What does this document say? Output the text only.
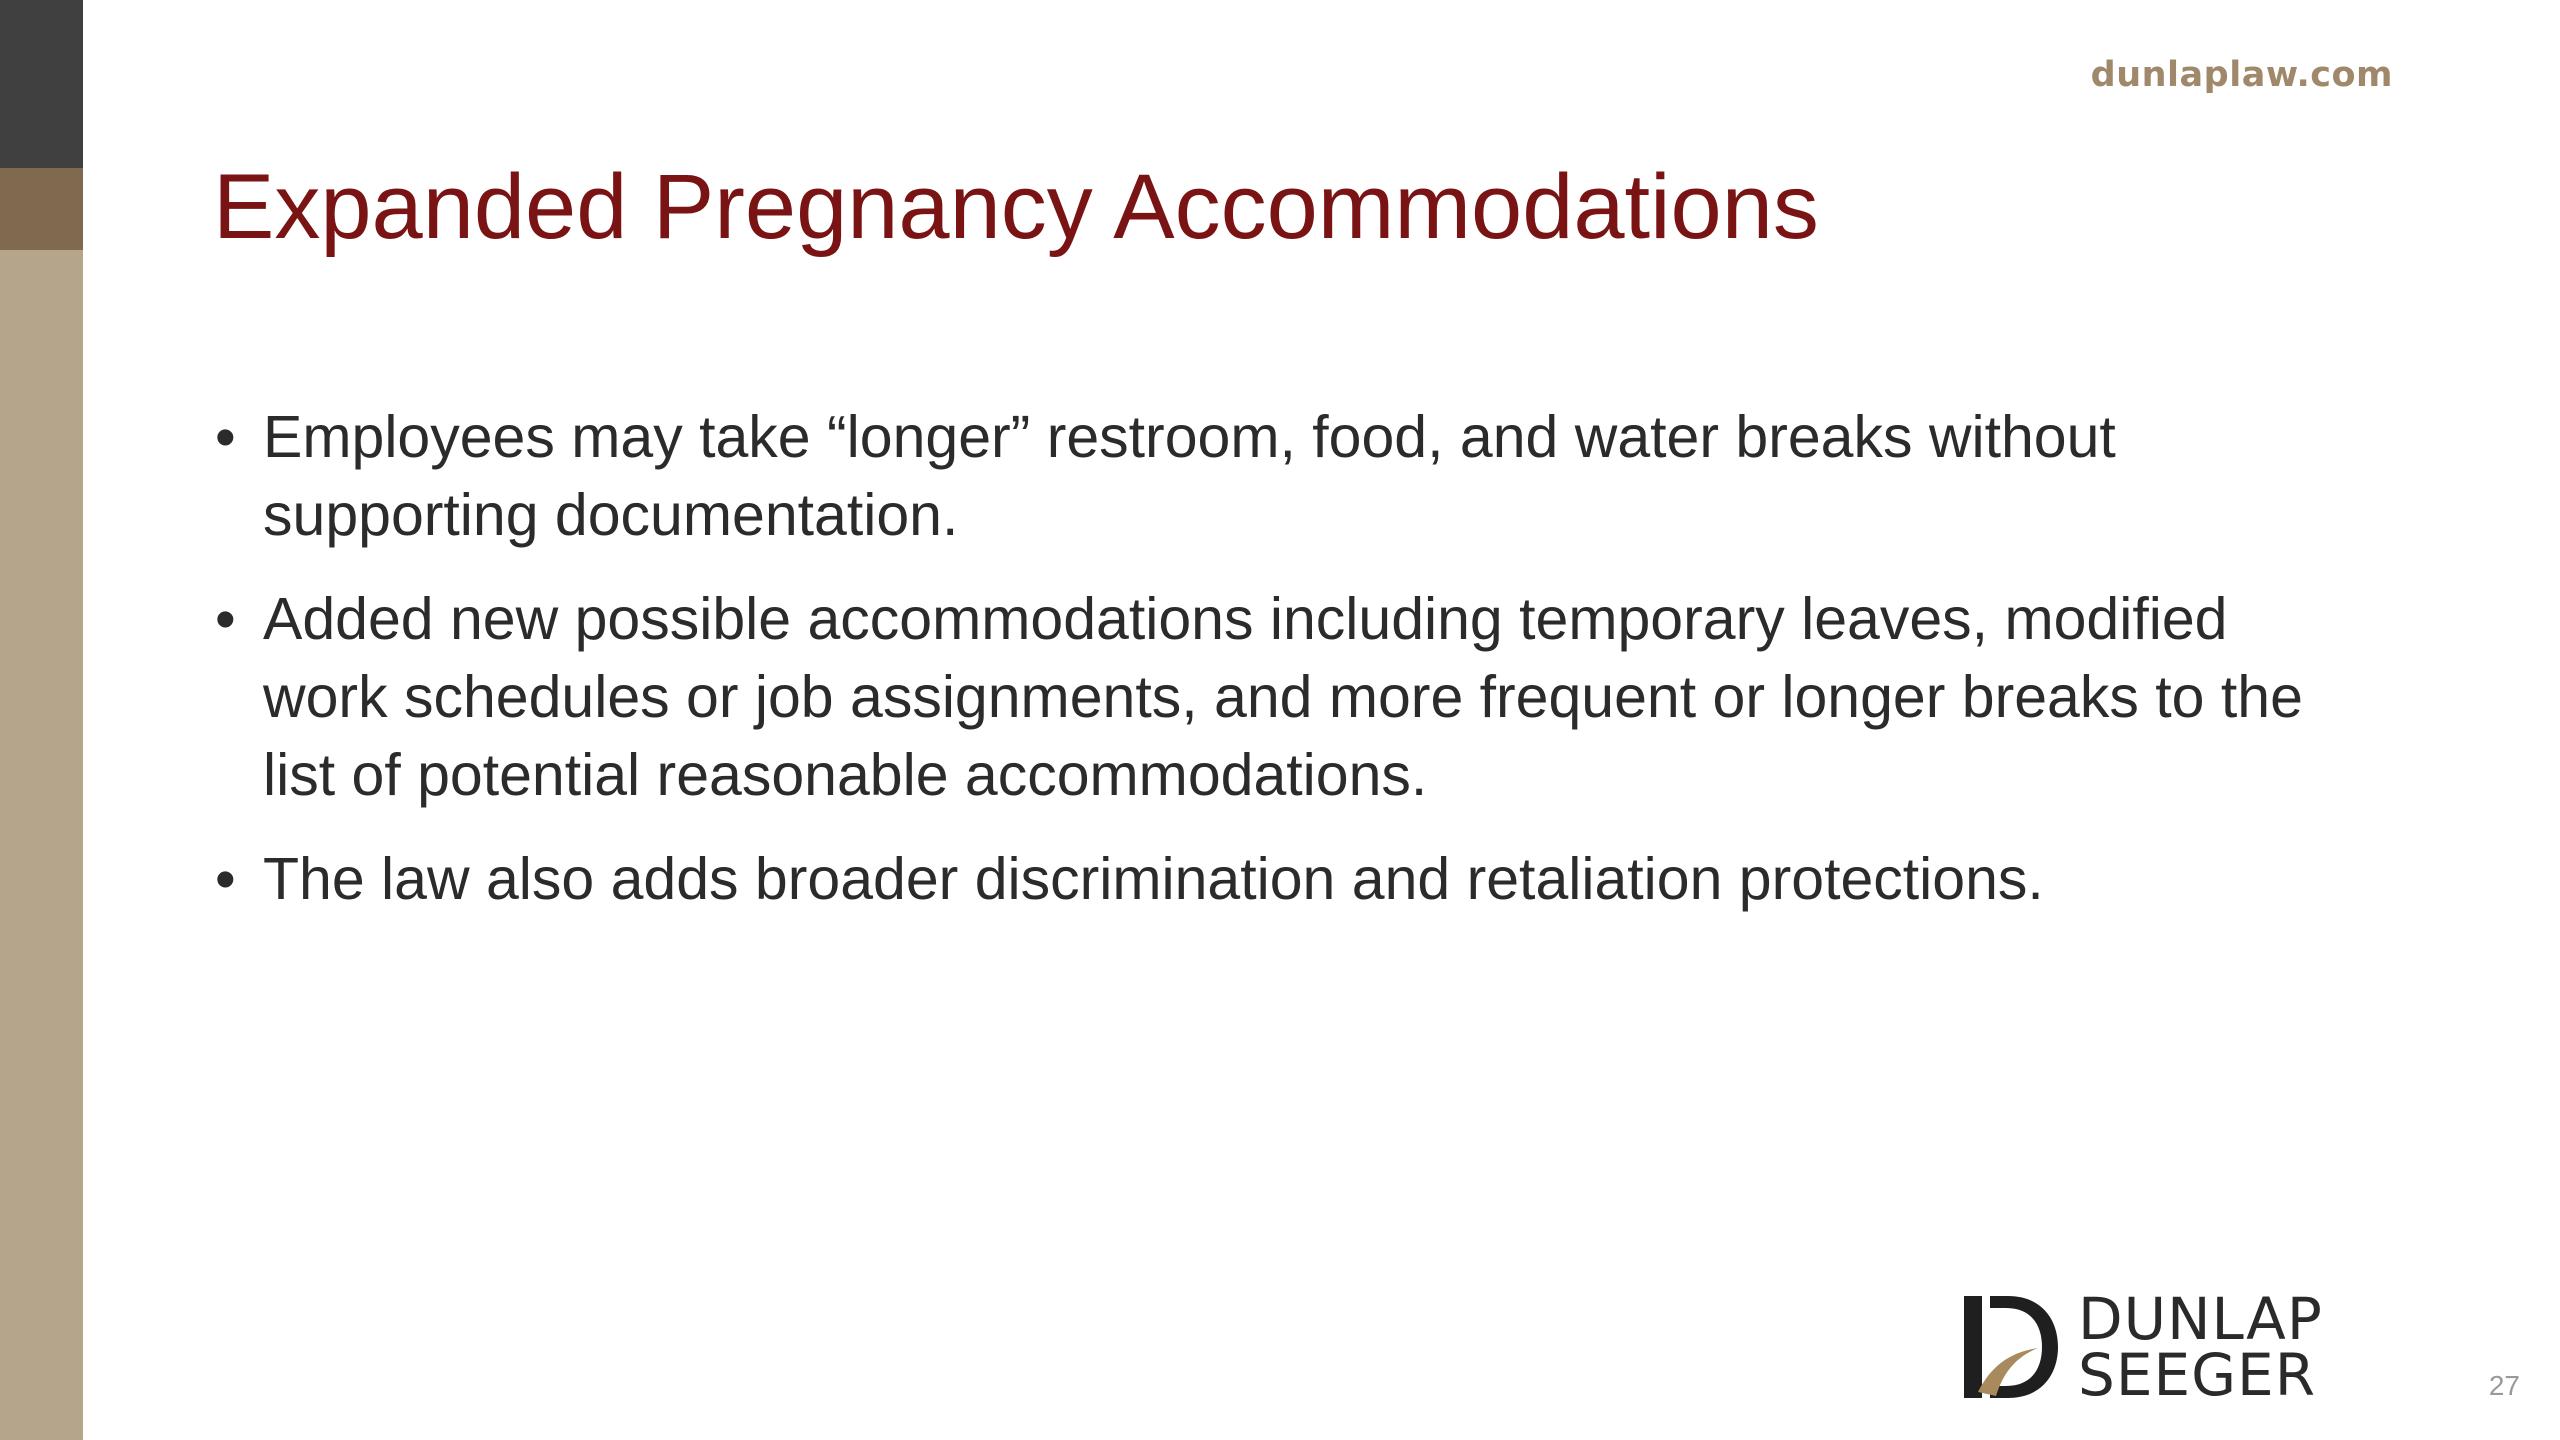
dunlaplaw.com
Expanded Pregnancy Accommodations
• Employees may take “longer” restroom, food, and water breaks without supporting documentation.
• Added new possible accommodations including temporary leaves, modified work schedules or job assignments, and more frequent or longer breaks to the list of potential reasonable accommodations.
• The law also adds broader discrimination and retaliation protections.
DUNLAP
SEEGER	27
